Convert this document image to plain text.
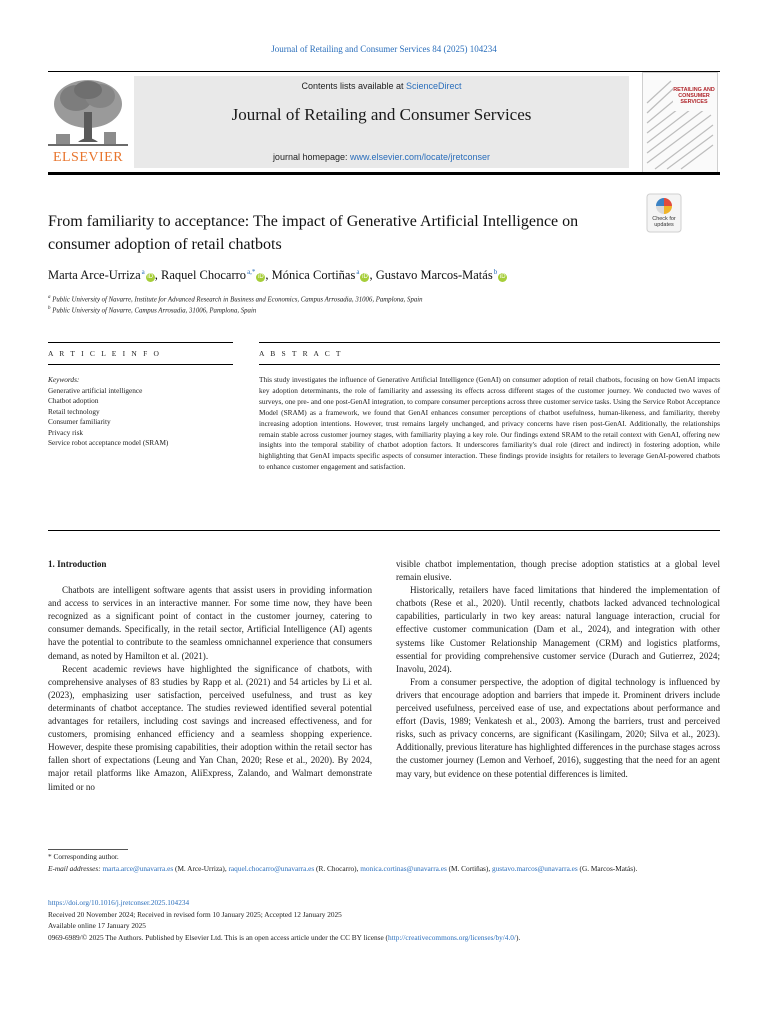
Journal of Retailing and Consumer Services 84 (2025) 104234
ELSEVIER
Contents lists available at ScienceDirect
Journal of Retailing and Consumer Services
journal homepage: www.elsevier.com/locate/jretconser
RETAILING AND CONSUMER SERVICES
From familiarity to acceptance: The impact of Generative Artificial Intelligence on consumer adoption of retail chatbots
Check for updates
Marta Arce-Urriza$^a$iD , Raquel Chocarro$^{a,*}$iD , Mónica Cortiñas$^a$iD , Gustavo Marcos-Matás$^b$iD
$^a$ Public University of Navarre, Institute for Advanced Research in Business and Economics, Campus Arrosadia, 31006, Pamplona, Spain
$^b$ Public University of Navarre, Campus Arrosadia, 31006, Pamplona, Spain
A R T I C L E I N F O	A B S T R A C T
Keywords:
Generative artificial intelligence
Chatbot adoption
Retail technology
Consumer familiarity
Privacy risk
Service robot acceptance model (SRAM)
This study investigates the influence of Generative Artificial Intelligence (GenAI) on consumer adoption of retail chatbots, focusing on how GenAI impacts key adoption determinants, the role of familiarity and assessing its effects across different stages of the customer journey. We conducted two waves of surveys, one pre- and one post-GenAI integration, to compare consumer perceptions across three customer service tasks. Using the Service Robot Acceptance Model (SRAM) as a framework, we found that GenAI enhances consumer perceptions of chatbot usefulness, human-likeness, and familiarity, thereby increasing adoption intentions. However, trust remains largely unchanged, and privacy concerns have risen post-GenAI. Additionally, the relationships remain stable across customer journey stages, with familiarity playing a key role. Our findings extend SRAM to the retail context with GenAI, offering new insights into the temporal stability of chatbot adoption factors. It underscores familiarity's dual role (direct and indirect) in fostering adoption, while highlighting that GenAI impacts specific aspects of consumer interaction. These findings provide insights for retailers to leverage GenAI-powered chatbots to enhance customer engagement and satisfaction.

1. Introduction

Chatbots are intelligent software agents that assist users in providing information and access to services in an interactive manner. For some time now, they have been recognized as a significant point of contact in the customer journey, catering to consumer demands. Specifically, in the retail sector, Artificial Intelligence (AI) agents have the potential to contribute to the seamless omnichannel experience that consumers demand, as noted by Hamilton et al. (2021).

Recent academic reviews have highlighted the significance of chatbots, with comprehensive analyses of 83 studies by Rapp et al. (2021) and 54 articles by Li et al. (2023), emphasizing user satisfaction, perceived usefulness, and trust as key determinants of chatbot acceptance. The studies reviewed identified several potential advantages for retailers, including cost savings and increased effectiveness, and for customers, promising enhanced efficiency and a seamless shopping experience. However, despite these promising capabilities, their adoption within the retail sector has fallen short of expectations (Leung and Yan Chan, 2020; Rese et al., 2020). By 2024, major retail platforms like Amazon, AliExpress, Zalando, and Walmart demonstrate limited or no

visible chatbot implementation, though precise adoption statistics at a global level remain elusive.

Historically, retailers have faced limitations that hindered the implementation of chatbots (Rese et al., 2020). Until recently, chatbots lacked advanced technological capabilities, particularly in two key areas: natural language interaction, crucial for effective customer communication (Dam et al., 2024), and integration with other systems like Customer Relationship Management (CRM) and logistics platforms, essential for providing comprehensive customer service (Durach and Gutierrez, 2024; Inavolu, 2024).

From a consumer perspective, the adoption of digital technology is influenced by drivers that encourage adoption and barriers that impede it. Prominent drivers include perceived usefulness, perceived ease of use, and expectations about performance and effort (Davis, 1989; Venkatesh et al., 2003). Among the barriers, trust and perceived risks, such as privacy concerns, are significant (Kasilingam, 2020; Silva et al., 2023). Additionally, previous literature has highlighted differences in the purchase stages across the customer journey (Lemon and Verhoef, 2016), suggesting that the need for an agent may vary, but evidence on these potential differences is limited.

* Corresponding author.
E-mail addresses: marta.arce@unavarra.es (M. Arce-Urriza), raquel.chocarro@unavarra.es (R. Chocarro), monica.cortinas@unavarra.es (M. Cortiñas), gustavo.marcos@unavarra.es (G. Marcos-Matás).
https://doi.org/10.1016/j.jretconser.2025.104234
Received 20 November 2024; Received in revised form 10 January 2025; Accepted 12 January 2025
Available online 17 January 2025
0969-6989/© 2025 The Authors. Published by Elsevier Ltd. This is an open access article under the CC BY license (http://creativecommons.org/licenses/by/4.0/).
